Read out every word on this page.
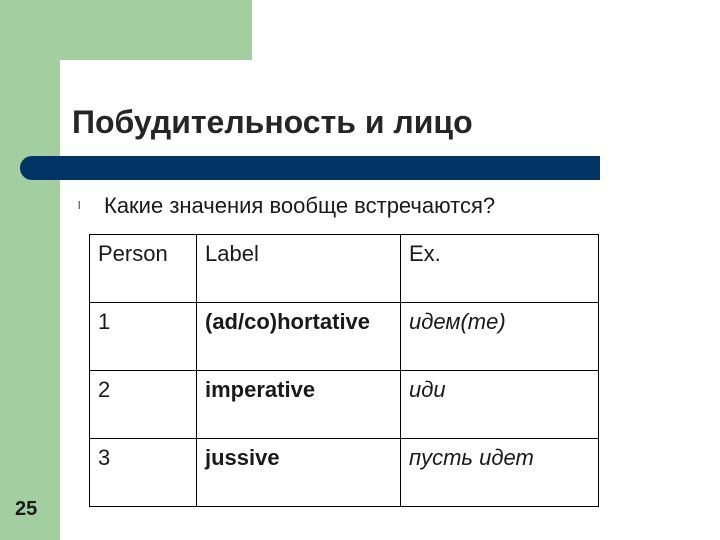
Побудительность и лицо
l Какие значения вообще встречаются?
Person	Label	Ex.
1	(ad/co)hortative	идем(те)
2	imperative	иди
3	jussive	пусть идет
25
